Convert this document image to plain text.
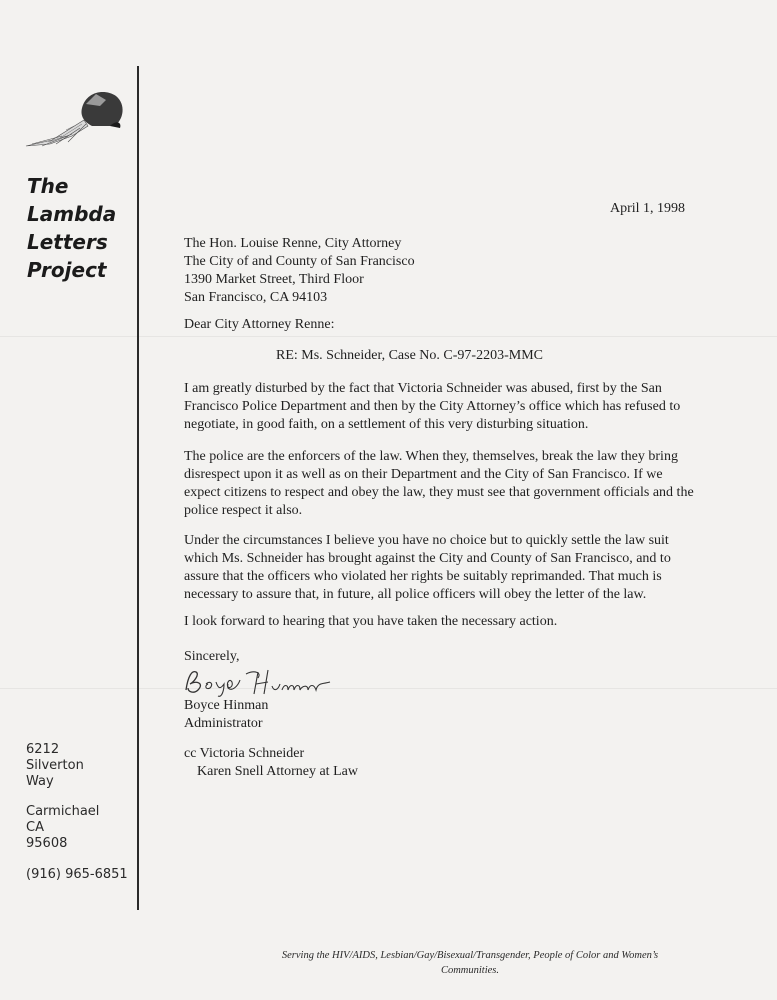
The
Lambda
Letters
Project
6212
Silverton
Way
Carmichael
CA
95608
(916) 965-6851
April 1, 1998
The Hon. Louise Renne, City Attorney
The City of and County of San Francisco
1390 Market Street, Third Floor
San Francisco, CA 94103
Dear City Attorney Renne:
RE: Ms. Schneider, Case No. C-97-2203-MMC

I am greatly disturbed by the fact that Victoria Schneider was abused, first by the San Francisco Police Department and then by the City Attorney’s office which has refused to negotiate, in good faith, on a settlement of this very disturbing situation.

The police are the enforcers of the law. When they, themselves, break the law they bring disrespect upon it as well as on their Department and the City of San Francisco. If we expect citizens to respect and obey the law, they must see that government officials and the police respect it also.

Under the circumstances I believe you have no choice but to quickly settle the law suit which Ms. Schneider has brought against the City and County of San Francisco, and to assure that the officers who violated her rights be suitably reprimanded. That much is necessary to assure that, in future, all police officers will obey the letter of the law.

I look forward to hearing that you have taken the necessary action.

Sincerely,
Boyce Hinman
Administrator
cc Victoria Schneider
Karen Snell Attorney at Law
Serving the HIV/AIDS, Lesbian/Gay/Bisexual/Transgender, People of Color and Women’s
Communities.
